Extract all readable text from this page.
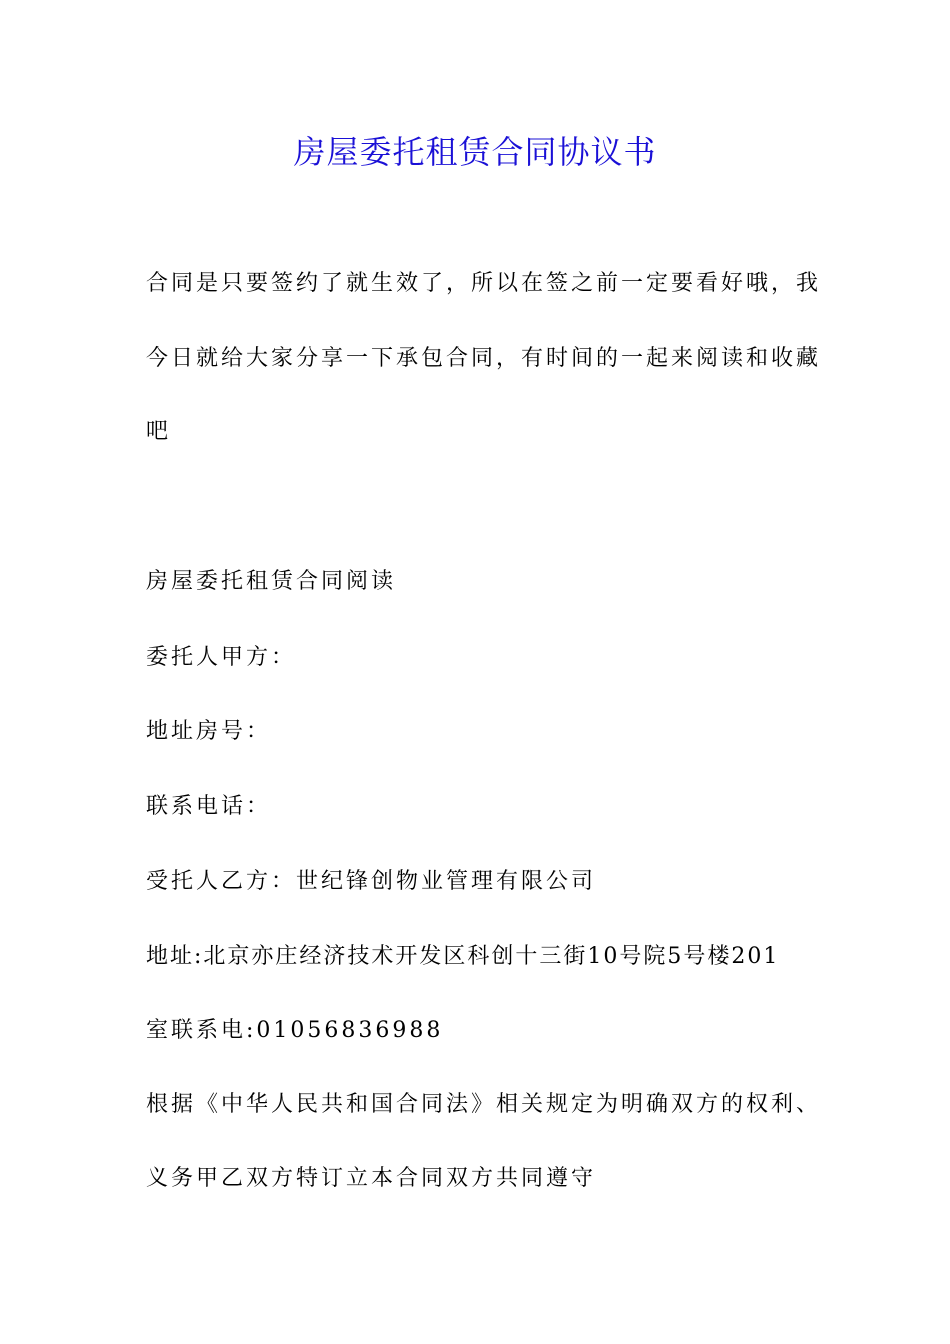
房屋委托租赁合同协议书
合同是只要签约了就生效了，所以在签之前一定要看好哦，我
今日就给大家分享一下承包合同，有时间的一起来阅读和收藏
吧
房屋委托租赁合同阅读
委托人甲方：
地址房号：
联系电话：
受托人乙方：世纪锋创物业管理有限公司
地址:北京亦庄经济技术开发区科创十三街10号院5号楼201
室联系电:01056836988
根据《中华人民共和国合同法》相关规定为明确双方的权利、
义务甲乙双方特订立本合同双方共同遵守
